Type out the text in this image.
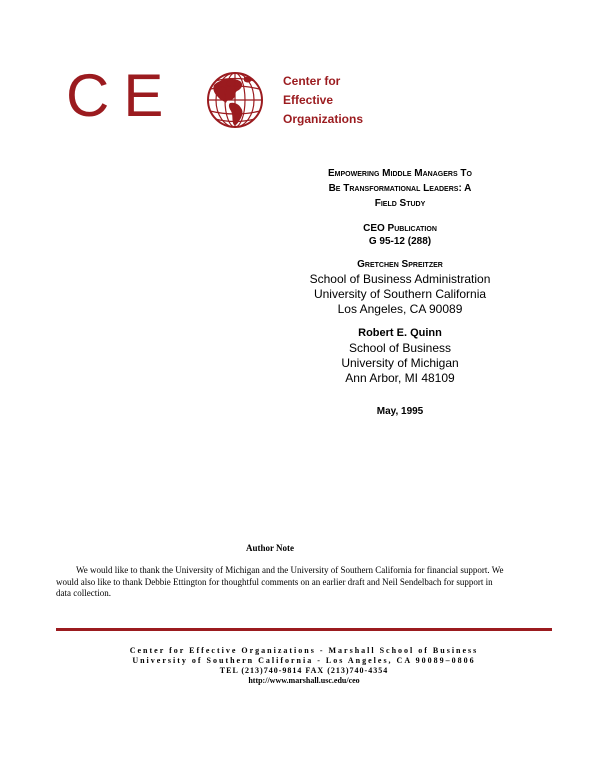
CE	Center for
Effective
Organizations
Empowering Middle Managers To
Be Transformational Leaders: A
Field Study
CEO Publication
G 95-12 (288)
Gretchen Spreitzer
School of Business Administration
University of Southern California
Los Angeles, CA 90089
Robert E. Quinn
School of Business
University of Michigan
Ann Arbor, MI 48109
May, 1995
Author Note
We would like to thank the University of Michigan and the University of Southern California for financial support. We would also like to thank Debbie Ettington for thoughtful comments on an earlier draft and Neil Sendelbach for support in data collection.
Center for Effective Organizations - Marshall School of Business
University of Southern California - Los Angeles, CA 90089–0806
TEL (213)740-9814 FAX (213)740-4354
http://www.marshall.usc.edu/ceo
